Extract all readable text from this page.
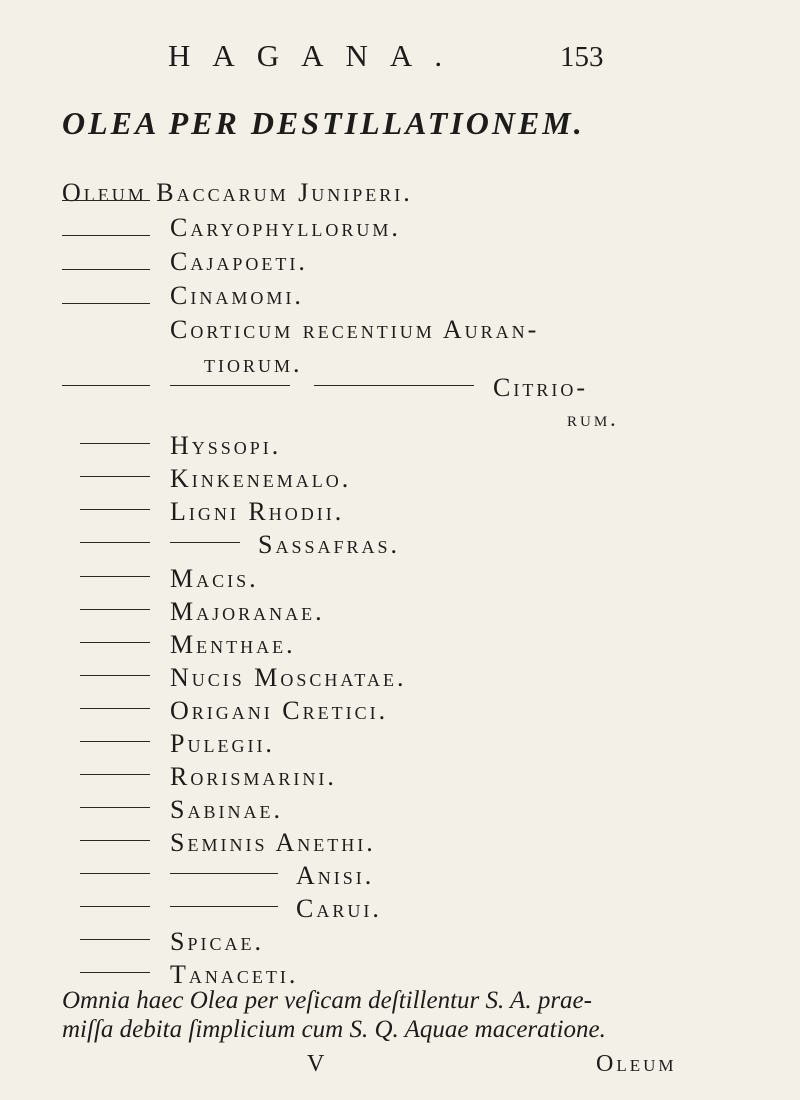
HAGANA.	153
OLEA PER DESTILLATIONEM.
Oleum Baccarum Juniperi.
Caryophyllorum.
Cajapoeti.
Cinamomi.
Corticum recentium Auran-
tiorum.
Citrio-
rum.
Hyssopi.
Kinkenemalo.
Ligni Rhodii.
Sassafras.
Macis.
Majoranae.
Menthae.
Nucis Moschatae.
Origani Cretici.
Pulegii.
Rorismarini.
Sabinae.
Seminis Anethi.
Anisi.
Carui.
Spicae.
Tanaceti.
Omnia haec Olea per veſicam deſtillentur S. A. prae-
miſſa debita ſimplicium cum S. Q. Aquae maceratione.
V	Oleum
